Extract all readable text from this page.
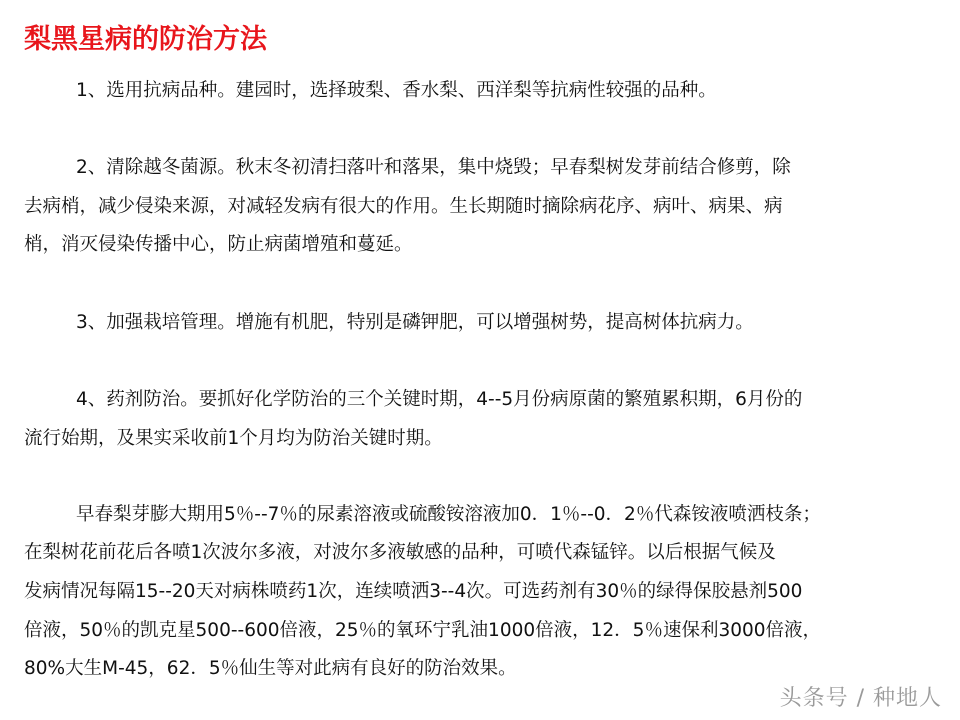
梨黑星病的防治方法
1、选用抗病品种。建园时，选择玻梨、香水梨、西洋梨等抗病性较强的品种。
2、清除越冬菌源。秋末冬初清扫落叶和落果，集中烧毁；早春梨树发芽前结合修剪，除
去病梢，减少侵染来源，对减轻发病有很大的作用。生长期随时摘除病花序、病叶、病果、病
梢，消灭侵染传播中心，防止病菌增殖和蔓延。
3、加强栽培管理。增施有机肥，特别是磷钾肥，可以增强树势，提高树体抗病力。
4、药剂防治。要抓好化学防治的三个关键时期，4--5月份病原菌的繁殖累积期，6月份的
流行始期，及果实采收前1个月均为防治关键时期。
早春梨芽膨大期用5％--7％的尿素溶液或硫酸铵溶液加0．1％--0．2％代森铵液喷洒枝条；
在梨树花前花后各喷1次波尔多液，对波尔多液敏感的品种，可喷代森锰锌。以后根据气候及
发病情况每隔15--20天对病株喷药1次，连续喷洒3--4次。可选药剂有30％的绿得保胶悬剂500
倍液，50％的凯克星500--600倍液，25％的氧环宁乳油1000倍液，12．5％速保利3000倍液，
80%大生M-45，62．5％仙生等对此病有良好的防治效果。
头条号 / 种地人
